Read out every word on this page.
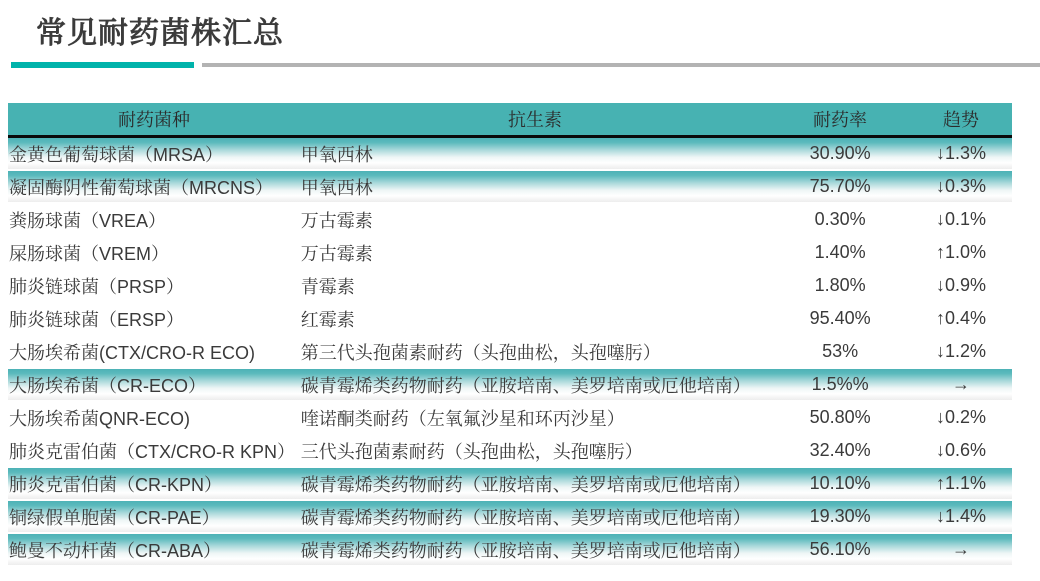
常见耐药菌株汇总
耐药菌种	抗生素	耐药率	趋势
金黄色葡萄球菌（MRSA）	甲氧西林	30.90%	↓1.3%
凝固酶阴性葡萄球菌（MRCNS）	甲氧西林	75.70%	↓0.3%
粪肠球菌（VREA）	万古霉素	0.30%	↓0.1%
屎肠球菌（VREM）	万古霉素	1.40%	↑1.0%
肺炎链球菌（PRSP）	青霉素	1.80%	↓0.9%
肺炎链球菌（ERSP）	红霉素	95.40%	↑0.4%
大肠埃希菌(CTX/CRO-R ECO)	第三代头孢菌素耐药（头孢曲松，头孢噻肟）	53%	↓1.2%
大肠埃希菌（CR-ECO）	碳青霉烯类药物耐药（亚胺培南、美罗培南或厄他培南）	1.5%%	→
大肠埃希菌QNR-ECO)	喹诺酮类耐药（左氧氟沙星和环丙沙星）	50.80%	↓0.2%
肺炎克雷伯菌（CTX/CRO-R KPN） 三代头孢菌素耐药（头孢曲松，头孢噻肟）	32.40%	↓0.6%
肺炎克雷伯菌（CR-KPN）	碳青霉烯类药物耐药（亚胺培南、美罗培南或厄他培南）	10.10%	↑1.1%
铜绿假单胞菌（CR-PAE）	碳青霉烯类药物耐药（亚胺培南、美罗培南或厄他培南）	19.30%	↓1.4%
鲍曼不动杆菌（CR-ABA）	碳青霉烯类药物耐药（亚胺培南、美罗培南或厄他培南）	56.10%	→
